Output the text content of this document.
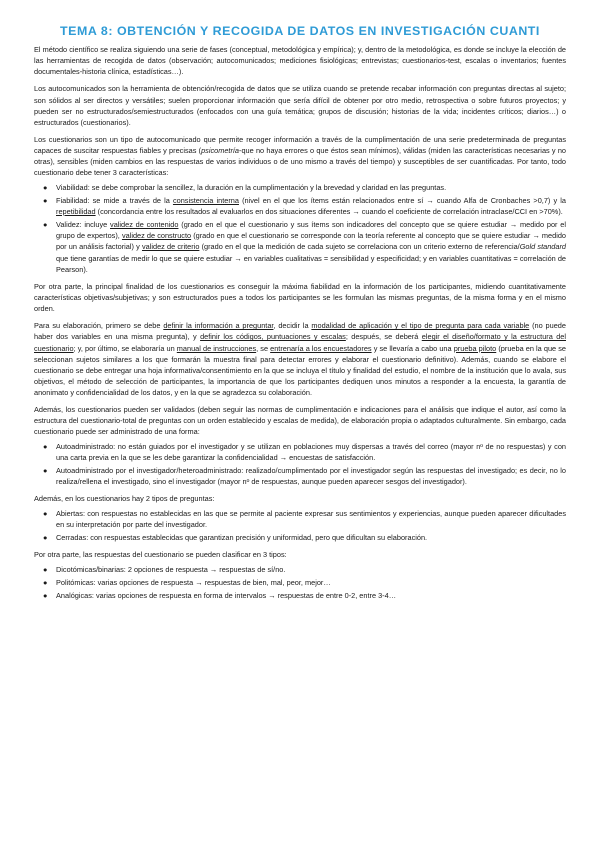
TEMA 8: OBTENCIÓN Y RECOGIDA DE DATOS EN INVESTIGACIÓN CUANTI

El método científico se realiza siguiendo una serie de fases (conceptual, metodológica y empírica); y, dentro de la metodológica, es donde se incluye la elección de las herramientas de recogida de datos (observación; autocomunicados; mediciones fisiológicas; entrevistas; cuestionarios-test, escalas o inventarios; fuentes documentales-historia clínica, estadísticas…).

Los autocomunicados son la herramienta de obtención/recogida de datos que se utiliza cuando se pretende recabar información con preguntas directas al sujeto; son sólidos al ser directos y versátiles; suelen proporcionar información que sería difícil de obtener por otro medio, retrospectiva o sobre futuros proyectos; y pueden ser no estructurados/semiestructurados (enfocados con una guía temática; grupos de discusión; historias de la vida; incidentes críticos; diarios…) o estructurados (cuestionarios).

Los cuestionarios son un tipo de autocomunicado que permite recoger información a través de la cumplimentación de una serie predeterminada de preguntas capaces de suscitar respuestas fiables y precisas (psicometría-que no haya errores o que éstos sean mínimos), válidas (miden las características necesarias y no otras), sensibles (miden cambios en las respuestas de varios individuos o de uno mismo a través del tiempo) y susceptibles de ser cuantificadas. Por tanto, todo cuestionario debe tener 3 características:

● Viabilidad: se debe comprobar la sencillez, la duración en la cumplimentación y la brevedad y claridad en las preguntas.
● Fiabilidad: se mide a través de la consistencia interna (nivel en el que los ítems están relacionados entre sí → cuando Alfa de Cronbaches >0,7) y la repetibilidad (concordancia entre los resultados al evaluarlos en dos situaciones diferentes → cuando el coeficiente de correlación intraclase/CCI en >70%).
● Validez: incluye validez de contenido (grado en el que el cuestionario y sus ítems son indicadores del concepto que se quiere estudiar → medido por el grupo de expertos), validez de constructo (grado en que el cuestionario se corresponde con la teoría referente al concepto que se quiere estudiar → medido por un análisis factorial) y validez de criterio (grado en el que la medición de cada sujeto se correlaciona con un criterio externo de referencia/Gold standard que tiene garantías de medir lo que se quiere estudiar → en variables cualitativas = sensibilidad y especificidad; y en variables cuantitativas = correlación de Pearson).

Por otra parte, la principal finalidad de los cuestionarios es conseguir la máxima fiabilidad en la información de los participantes, midiendo cuantitativamente características objetivas/subjetivas; y son estructurados pues a todos los participantes se les formulan las mismas preguntas, de la misma forma y en el mismo orden.

Para su elaboración, primero se debe definir la información a preguntar, decidir la modalidad de aplicación y el tipo de pregunta para cada variable (no puede haber dos variables en una misma pregunta), y definir los códigos, puntuaciones y escalas; después, se deberá elegir el diseño/formato y la estructura del cuestionario; y, por último, se elaboraría un manual de instrucciones, se entrenaría a los encuestadores y se llevaría a cabo una prueba piloto (prueba en la que se seleccionan sujetos similares a los que formarán la muestra final para detectar errores y elaborar el cuestionario definitivo). Además, cuando se elabore el cuestionario se debe entregar una hoja informativa/consentimiento en la que se incluya el título y finalidad del estudio, el nombre de la institución que lo avala, sus objetivos, el método de selección de participantes, la importancia de que los participantes dediquen unos minutos a responder a la encuesta, la garantía de anonimato y confidencialidad de los datos, y en la que se agradezca su colaboración.

Además, los cuestionarios pueden ser validados (deben seguir las normas de cumplimentación e indicaciones para el análisis que indique el autor, así como la estructura del cuestionario-total de preguntas con un orden establecido y escalas de medida), de elaboración propia o adaptados culturalmente. Sin embargo, cada cuestionario puede ser administrado de una forma:

● Autoadministrado: no están guiados por el investigador y se utilizan en poblaciones muy dispersas a través del correo (mayor nº de no respuestas) y con una carta previa en la que se les debe garantizar la confidencialidad → encuestas de satisfacción.
● Autoadministrado por el investigador/heteroadministrado: realizado/cumplimentado por el investigador según las respuestas del investigado; es decir, no lo realiza/rellena el investigado, sino el investigador (mayor nº de respuestas, aunque pueden aparecer sesgos del investigador).

Además, en los cuestionarios hay 2 tipos de preguntas:

● Abiertas: con respuestas no establecidas en las que se permite al paciente expresar sus sentimientos y experiencias, aunque pueden aparecer dificultades en su interpretación por parte del investigador.
● Cerradas: con respuestas establecidas que garantizan precisión y uniformidad, pero que dificultan su elaboración.

Por otra parte, las respuestas del cuestionario se pueden clasificar en 3 tipos:

● Dicotómicas/binarias: 2 opciones de respuesta → respuestas de sí/no.
● Politómicas: varias opciones de respuesta → respuestas de bien, mal, peor, mejor…
● Analógicas: varias opciones de respuesta en forma de intervalos → respuestas de entre 0-2, entre 3-4…
